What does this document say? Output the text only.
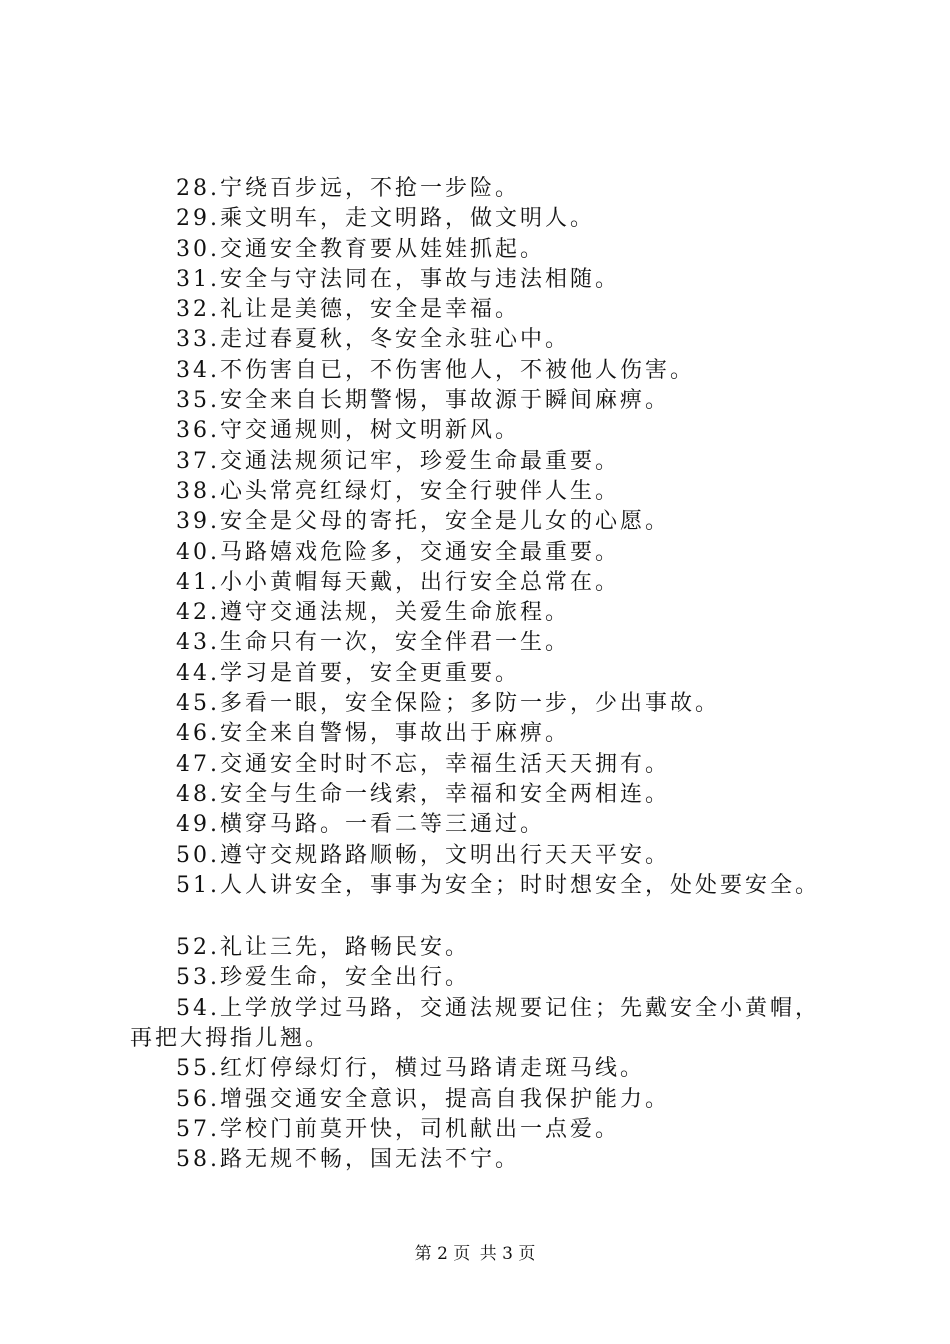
28.宁绕百步远，不抢一步险。
29.乘文明车，走文明路，做文明人。
30.交通安全教育要从娃娃抓起。
31.安全与守法同在，事故与违法相随。
32.礼让是美德，安全是幸福。
33.走过春夏秋，冬安全永驻心中。
34.不伤害自已，不伤害他人，不被他人伤害。
35.安全来自长期警惕，事故源于瞬间麻痹。
36.守交通规则，树文明新风。
37.交通法规须记牢，珍爱生命最重要。
38.心头常亮红绿灯，安全行驶伴人生。
39.安全是父母的寄托，安全是儿女的心愿。
40.马路嬉戏危险多，交通安全最重要。
41.小小黄帽每天戴，出行安全总常在。
42.遵守交通法规，关爱生命旅程。
43.生命只有一次，安全伴君一生。
44.学习是首要，安全更重要。
45.多看一眼，安全保险；多防一步，少出事故。
46.安全来自警惕，事故出于麻痹。
47.交通安全时时不忘，幸福生活天天拥有。
48.安全与生命一线索，幸福和安全两相连。
49.横穿马路。一看二等三通过。
50.遵守交规路路顺畅，文明出行天天平安。
51.人人讲安全，事事为安全；时时想安全，处处要安全。
52.礼让三先，路畅民安。
53.珍爱生命，安全出行。
54.上学放学过马路，交通法规要记住；先戴安全小黄帽，再把大拇指儿翘。
55.红灯停绿灯行，横过马路请走斑马线。
56.增强交通安全意识，提高自我保护能力。
57.学校门前莫开快，司机献出一点爱。
58.路无规不畅，国无法不宁。
第 2 页 共 3 页
